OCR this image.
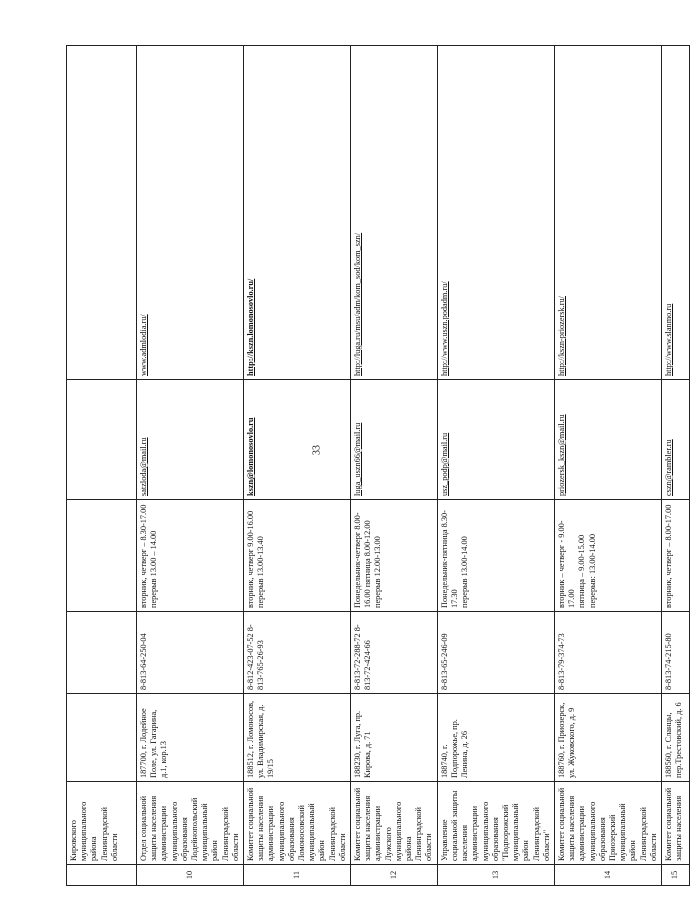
33
	Кировского муниципального района Ленинградской области					
10	Отдел социальной защиты населения администрации муниципального образования Лодейнопольский муниципальный район Ленинградской области	187700, г. Лодейное Поле, ул. Гагарина, д.1, кор.13	8-813-64-250-04	вторник, четверг – 8.30-17.00 перерыв 13.00 – 14.00	satzloda@mail.ru	www.admlodia.ru/
11	Комитет социальной защиты населения администрации муниципального образования Ломоносовский муниципальный район Ленинградской области	188512, г. Ломоносов, ул. Владимирская, д. 19/15	8-812-423-07-52 8-813-765-26-93	вторник, четверг 9.00-16.00 перерыв 13.00-13.40	kszn@lomonosovlo.ru	http://kszn.lomonosovlo.ru/
12	Комитет социальной защиты населения администрации Лужского муниципального района Ленинградской области	188230, г. Луга, пр. Кирова, д. 71	8-813-72-288-72 8-813-72-424-66	Понедельник-четверг 8.00-16.00 пятница 8.00-12.00 перерыв 12.00-13.00	luga_uszn66@mail.ru	http://luga.ru/msu/adm/kom_sod/kom_szn/
13	Управление социальной защиты населения администрации муниципального образования "Подпорожский муниципальный район Ленинградской области"	188740, г. Подпорожье, пр. Ленина, д. 26	8-813-65-246-09	Понедельник-пятница 8.30-17.30 перерыв 13.00-14.00	usz_podp@mail.ru	http://www.uszn.podadm.ru/
14	Комитет социальной защиты населения администрации муниципального образования Приозерский муниципальный район Ленинградской области	188760, г. Приозерск, ул. Жуковского, д. 9	8-813-79-374-73	вторник – четверг - 9.00-17.00 пятница – 9.00-15.00 перерыв: 13.00-14.00	priozersk_kszn@mail.ru	http://kszn-priozersk.ru/
15	Комитет социальной защиты населения	188560, г. Сланцы, пер.Трестовский, д. 6	8-813-74-215-80	вторник, четверг – 8.00-17.00	cszn@rambler.ru	http://www.slanmo.ru
